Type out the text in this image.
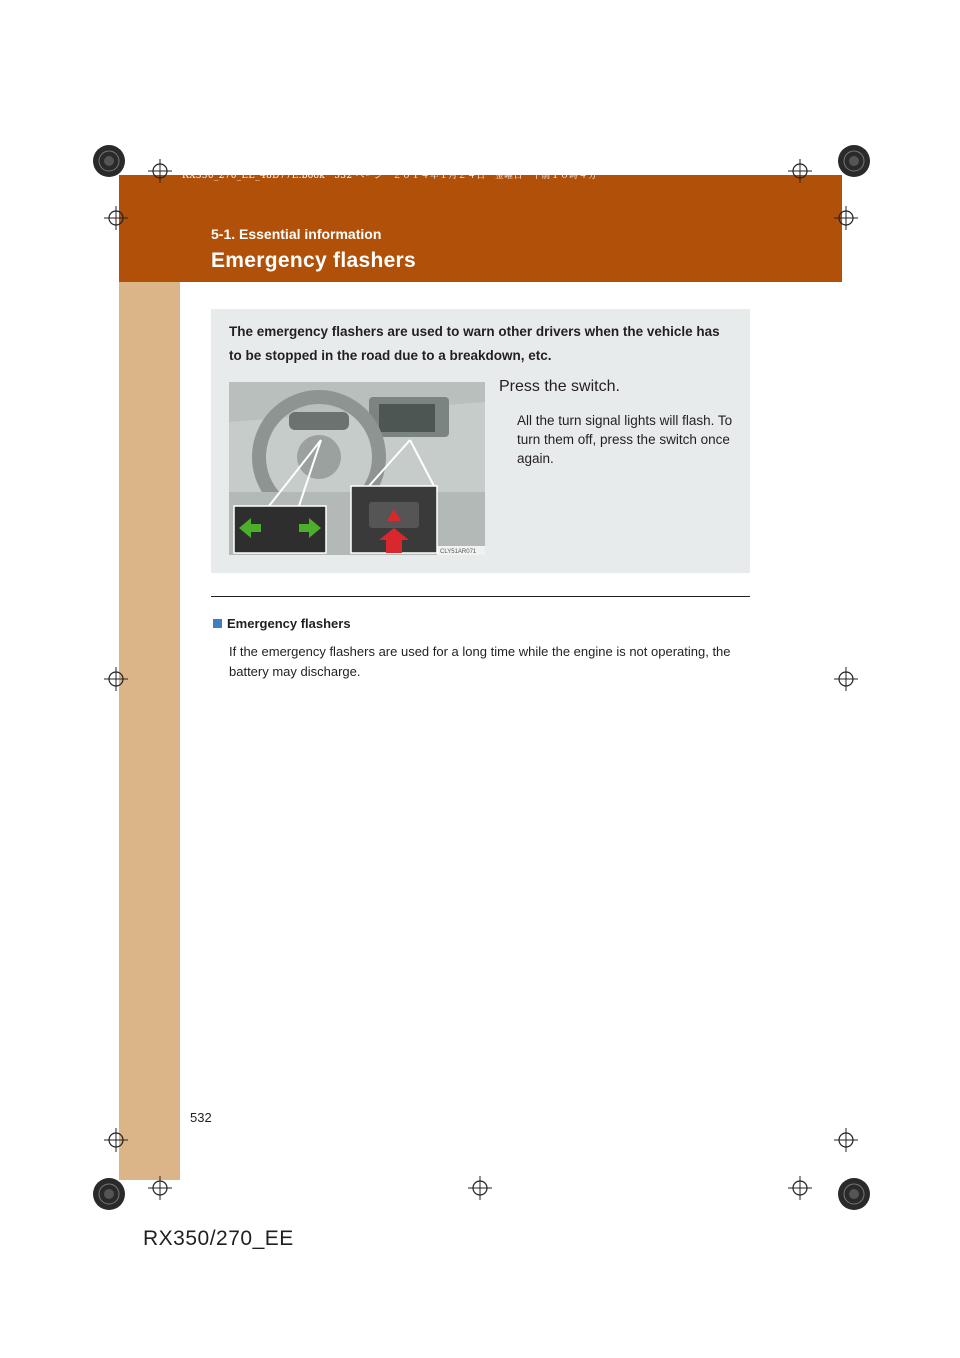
RX350_270_EE_48D77E.book　532 ページ　２０１４年１月２４日　金曜日　午前１０時４分
5-1. Essential information
Emergency flashers
The emergency flashers are used to warn other drivers when the vehicle has to be stopped in the road due to a breakdown, etc.
CLY51AR071
Press the switch.
All the turn signal lights will flash. To turn them off, press the switch once again.
Emergency flashers
If the emergency flashers are used for a long time while the engine is not operating, the battery may discharge.
532
RX350/270_EE
